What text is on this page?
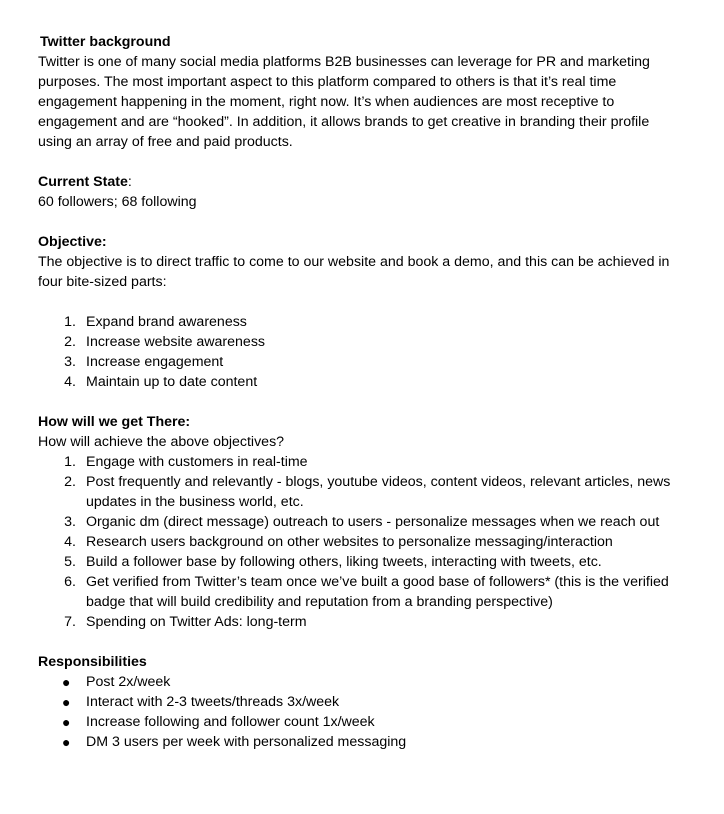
Twitter background

Twitter is one of many social media platforms B2B businesses can leverage for PR and marketing purposes. The most important aspect to this platform compared to others is that it’s real time engagement happening in the moment, right now. It’s when audiences are most receptive to engagement and are “hooked”. In addition, it allows brands to get creative in branding their profile using an array of free and paid products.

Current State:

60 followers; 68 following

Objective:

The objective is to direct traffic to come to our website and book a demo, and this can be achieved in four bite-sized parts:

1. Expand brand awareness
2. Increase website awareness
3. Increase engagement
4. Maintain up to date content

How will we get There:

How will achieve the above objectives?

1. Engage with customers in real-time
2. Post frequently and relevantly - blogs, youtube videos, content videos, relevant articles, news updates in the business world, etc.
3. Organic dm (direct message) outreach to users - personalize messages when we reach out
4. Research users background on other websites to personalize messaging/interaction
5. Build a follower base by following others, liking tweets, interacting with tweets, etc.
6. Get verified from Twitter’s team once we’ve built a good base of followers* (this is the verified badge that will build credibility and reputation from a branding perspective)
7. Spending on Twitter Ads: long-term

Responsibilities

● Post 2x/week
● Interact with 2-3 tweets/threads 3x/week
● Increase following and follower count 1x/week
● DM 3 users per week with personalized messaging
